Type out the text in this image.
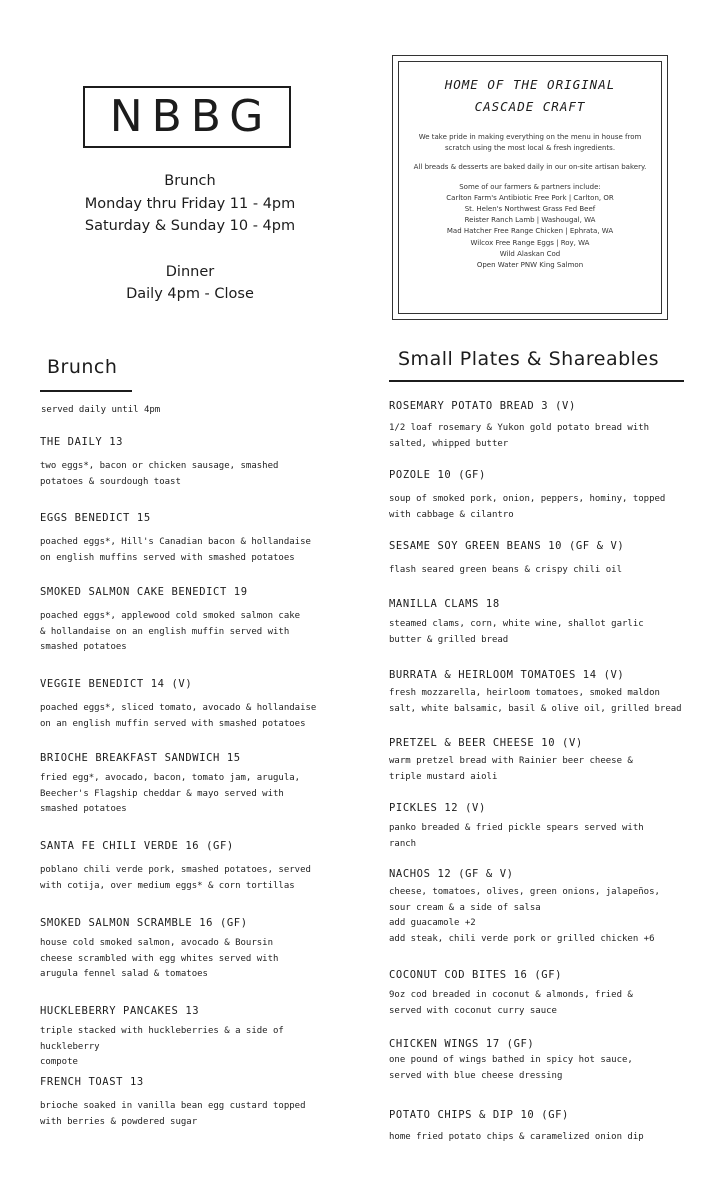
NBBG
Brunch
Monday thru Friday 11 - 4pm
Saturday & Sunday 10 - 4pm
Dinner
Daily 4pm - Close
HOME OF THE ORIGINAL
CASCADE CRAFT

We take pride in making everything on the menu in house from scratch using the most local & fresh ingredients.

All breads & desserts are baked daily in our on-site artisan bakery.

Some of our farmers & partners include:
Carlton Farm's Antibiotic Free Pork | Carlton, OR
St. Helen's Northwest Grass Fed Beef
Reister Ranch Lamb | Washougal, WA
Mad Hatcher Free Range Chicken | Ephrata, WA
Wilcox Free Range Eggs | Roy, WA
Wild Alaskan Cod
Open Water PNW King Salmon
Brunch
served daily until 4pm
THE DAILY 13
two eggs*, bacon or chicken sausage, smashed
potatoes & sourdough toast
EGGS BENEDICT 15
poached eggs*, Hill's Canadian bacon & hollandaise
on english muffins served with smashed potatoes
SMOKED SALMON CAKE BENEDICT 19
poached eggs*, applewood cold smoked salmon cake
& hollandaise on an english muffin served with
smashed potatoes
VEGGIE BENEDICT 14 (V)
poached eggs*, sliced tomato, avocado & hollandaise
on an english muffin served with smashed potatoes
BRIOCHE BREAKFAST SANDWICH 15
fried egg*, avocado, bacon, tomato jam, arugula,
Beecher's Flagship cheddar & mayo served with
smashed potatoes
SANTA FE CHILI VERDE 16 (GF)
poblano chili verde pork, smashed potatoes, served
with cotija, over medium eggs* & corn tortillas
SMOKED SALMON SCRAMBLE 16 (GF)
house cold smoked salmon, avocado & Boursin
cheese scrambled with egg whites served with
arugula fennel salad & tomatoes
HUCKLEBERRY PANCAKES 13
triple stacked with huckleberries & a side of huckleberry
compote
FRENCH TOAST 13
brioche soaked in vanilla bean egg custard topped
with berries & powdered sugar
Small Plates & Shareables
ROSEMARY POTATO BREAD 3 (V)
1/2 loaf rosemary & Yukon gold potato bread with
salted, whipped butter
POZOLE 10 (GF)
soup of smoked pork, onion, peppers, hominy, topped
with cabbage & cilantro
SESAME SOY GREEN BEANS 10 (GF & V)
flash seared green beans & crispy chili oil
MANILLA CLAMS 18
steamed clams, corn, white wine, shallot garlic
butter & grilled bread
BURRATA & HEIRLOOM TOMATOES 14 (V)
fresh mozzarella, heirloom tomatoes, smoked maldon
salt, white balsamic, basil & olive oil, grilled bread
PRETZEL & BEER CHEESE 10 (V)
warm pretzel bread with Rainier beer cheese &
triple mustard aioli
PICKLES 12 (V)
panko breaded & fried pickle spears served with
ranch
NACHOS 12 (GF & V)
cheese, tomatoes, olives, green onions, jalapeños,
sour cream & a side of salsa
add guacamole +2
add steak, chili verde pork or grilled chicken +6
COCONUT COD BITES 16 (GF)
9oz cod breaded in coconut & almonds, fried &
served with coconut curry sauce
CHICKEN WINGS 17 (GF)
one pound of wings bathed in spicy hot sauce,
served with blue cheese dressing
POTATO CHIPS & DIP 10 (GF)
home fried potato chips & caramelized onion dip
